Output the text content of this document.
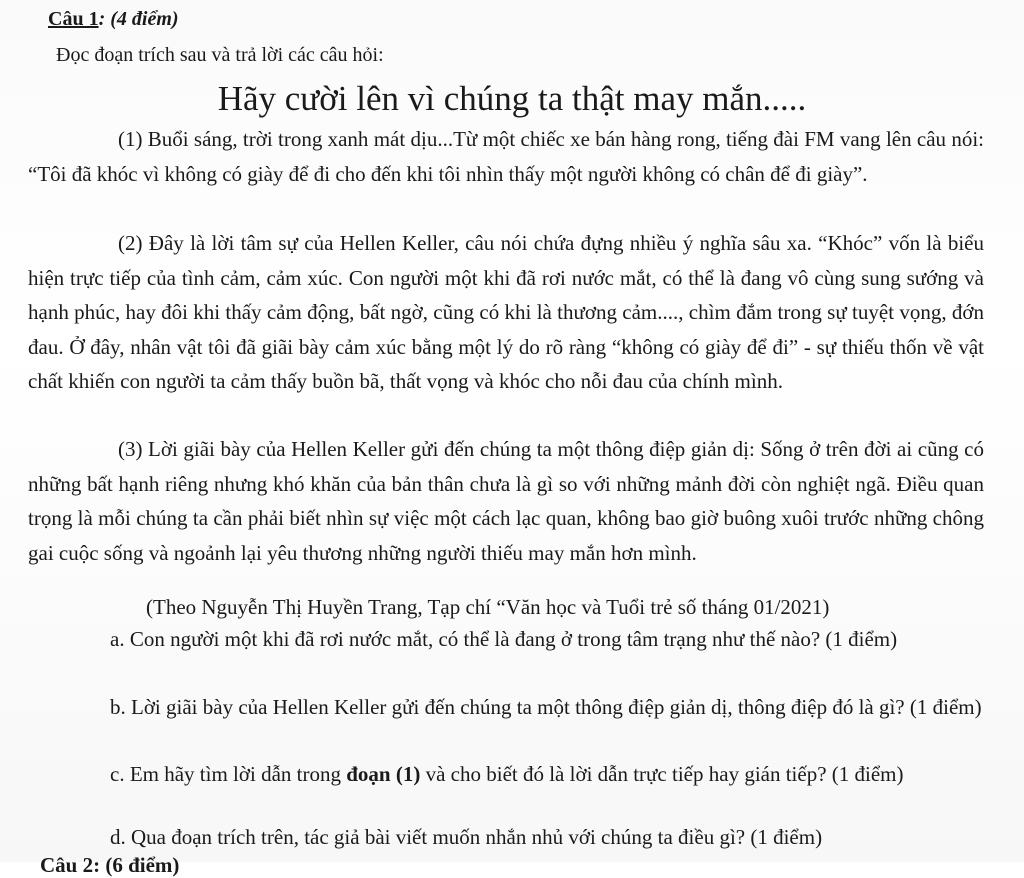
Câu 1: (4 điểm)
Đọc đoạn trích sau và trả lời các câu hỏi:
Hãy cười lên vì chúng ta thật may mắn.....

(1) Buổi sáng, trời trong xanh mát dịu...Từ một chiếc xe bán hàng rong, tiếng đài FM vang lên câu nói: “Tôi đã khóc vì không có giày để đi cho đến khi tôi nhìn thấy một người không có chân để đi giày”.

(2) Đây là lời tâm sự của Hellen Keller, câu nói chứa đựng nhiều ý nghĩa sâu xa. “Khóc” vốn là biểu hiện trực tiếp của tình cảm, cảm xúc. Con người một khi đã rơi nước mắt, có thể là đang vô cùng sung sướng và hạnh phúc, hay đôi khi thấy cảm động, bất ngờ, cũng có khi là thương cảm...., chìm đắm trong sự tuyệt vọng, đớn đau. Ở đây, nhân vật tôi đã giãi bày cảm xúc bằng một lý do rõ ràng “không có giày để đi” - sự thiếu thốn về vật chất khiến con người ta cảm thấy buồn bã, thất vọng và khóc cho nỗi đau của chính mình.

(3) Lời giãi bày của Hellen Keller gửi đến chúng ta một thông điệp giản dị: Sống ở trên đời ai cũng có những bất hạnh riêng nhưng khó khăn của bản thân chưa là gì so với những mảnh đời còn nghiệt ngã. Điều quan trọng là mỗi chúng ta cần phải biết nhìn sự việc một cách lạc quan, không bao giờ buông xuôi trước những chông gai cuộc sống và ngoảnh lại yêu thương những người thiếu may mắn hơn mình.

(Theo Nguyễn Thị Huyền Trang, Tạp chí “Văn học và Tuổi trẻ số tháng 01/2021)

a. Con người một khi đã rơi nước mắt, có thể là đang ở trong tâm trạng như thế nào? (1 điểm)

b. Lời giãi bày của Hellen Keller gửi đến chúng ta một thông điệp giản dị, thông điệp đó là gì? (1 điểm)

c. Em hãy tìm lời dẫn trong đoạn (1) và cho biết đó là lời dẫn trực tiếp hay gián tiếp? (1 điểm)

d. Qua đoạn trích trên, tác giả bài viết muốn nhắn nhủ với chúng ta điều gì? (1 điểm)

Câu 2: (6 điểm)
